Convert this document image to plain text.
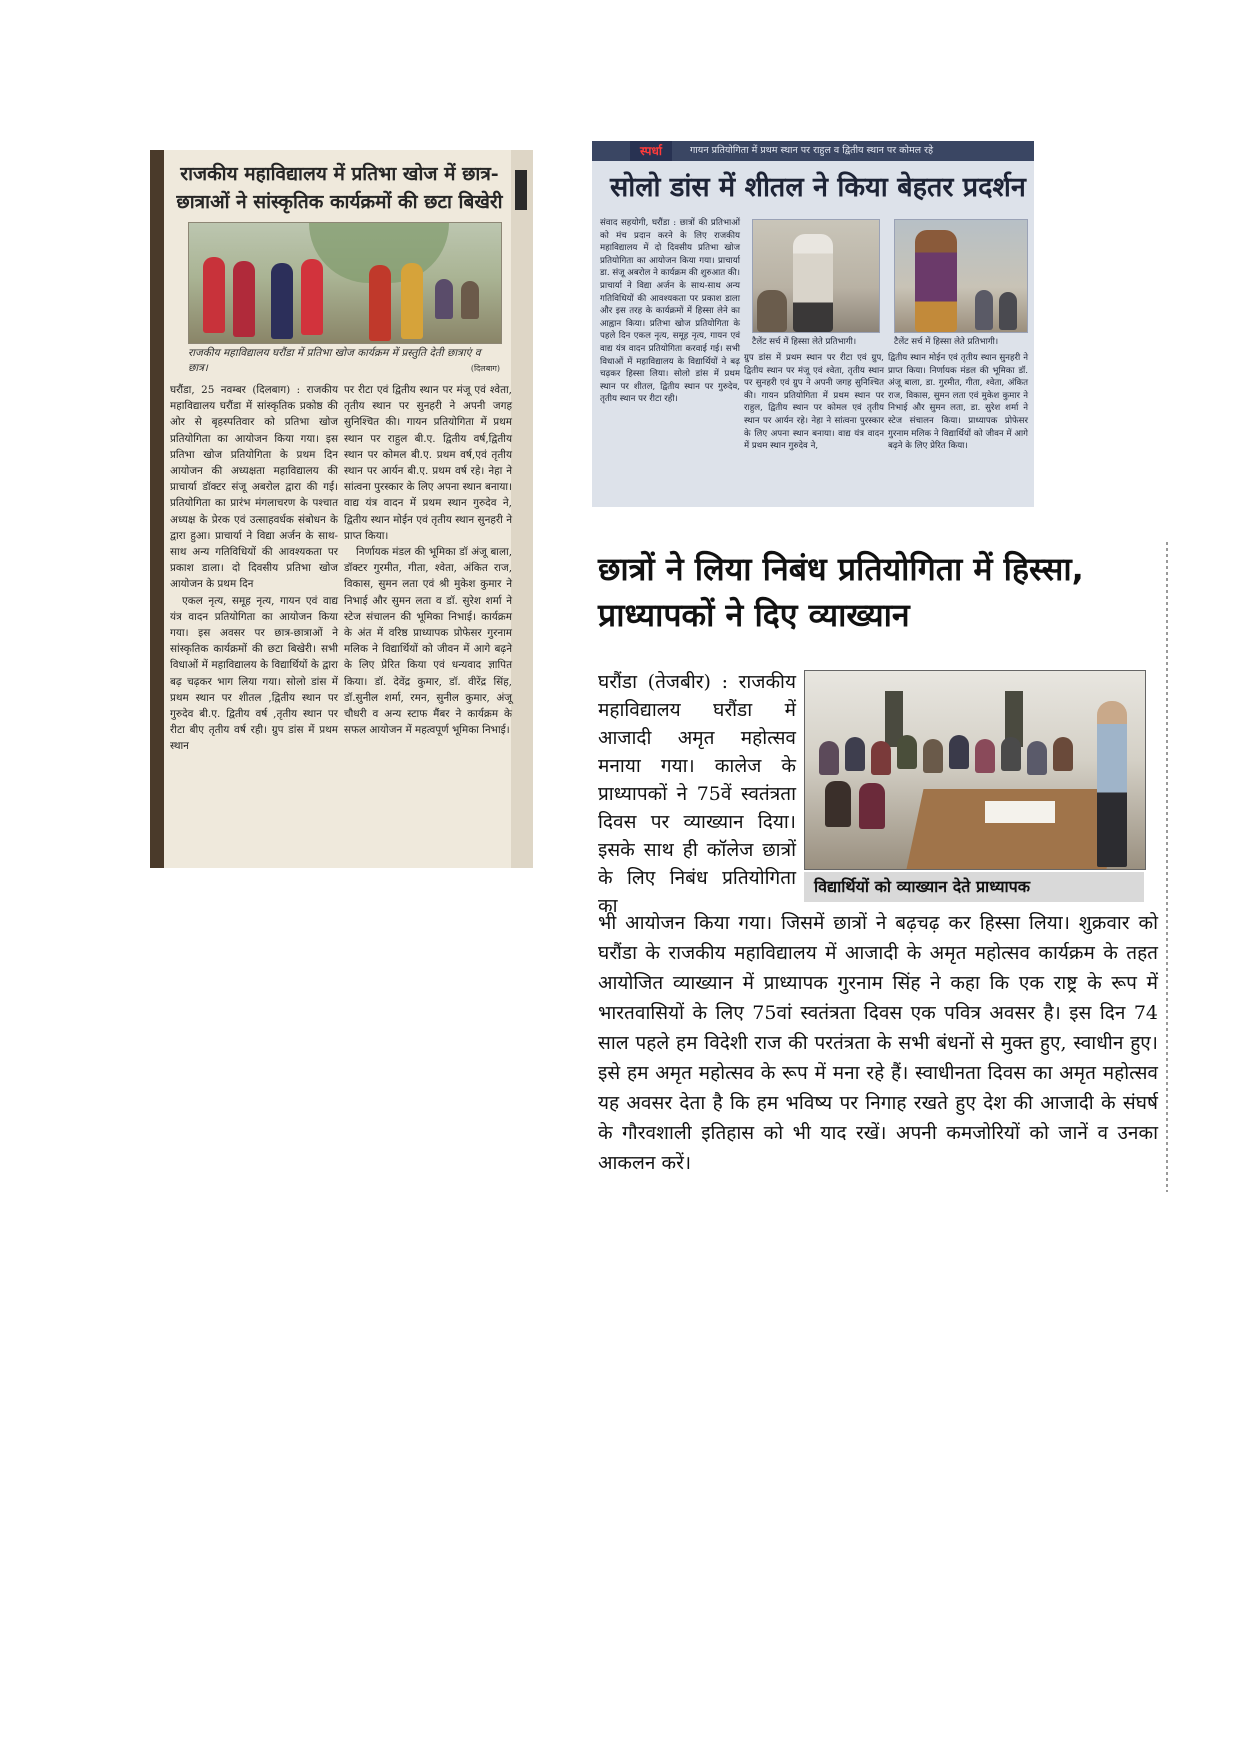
राजकीय महाविद्यालय में प्रतिभा खोज में छात्र-छात्राओं ने सांस्कृतिक कार्यक्रमों की छटा बिखेरी
राजकीय महाविद्यालय घरौंडा में प्रतिभा खोज कार्यक्रम में प्रस्तुति देती छात्राएं व छात्र।	(दिलबाग)

घरौंडा, 25 नवम्बर (दिलबाग) : राजकीय महाविद्यालय घरौंडा में सांस्कृतिक प्रकोष्ठ की ओर से बृहस्पतिवार को प्रतिभा खोज प्रतियोगिता का आयोजन किया गया। इस प्रतिभा खोज प्रतियोगिता के प्रथम दिन आयोजन की अध्यक्षता महाविद्यालय की प्राचार्या डॉक्टर संजू अबरोल द्वारा की गई। प्रतियोगिता का प्रारंभ मंगलाचरण के पश्चात अध्यक्ष के प्रेरक एवं उत्साहवर्धक संबोधन के द्वारा हुआ। प्राचार्या ने विद्या अर्जन के साथ-साथ अन्य गतिविधियों की आवश्यकता पर प्रकाश डाला। दो दिवसीय प्रतिभा खोज आयोजन के प्रथम दिन

एकल नृत्य, समूह नृत्य, गायन एवं वाद्य यंत्र वादन प्रतियोगिता का आयोजन किया गया। इस अवसर पर छात्र-छात्राओं ने सांस्कृतिक कार्यक्रमों की छटा बिखेरी। सभी विधाओं में महाविद्यालय के विद्यार्थियों के द्वारा बढ़ चढ़कर भाग लिया गया। सोलो डांस में प्रथम स्थान पर शीतल ,द्वितीय स्थान पर गुरुदेव बी.ए. द्वितीय वर्ष ,तृतीय स्थान पर रीटा बीए तृतीय वर्ष रही। ग्रुप डांस में प्रथम स्थान

पर रीटा एवं द्वितीय स्थान पर मंजू एवं श्वेता, तृतीय स्थान पर सुनहरी ने अपनी जगह सुनिश्चित की। गायन प्रतियोगिता में प्रथम स्थान पर राहुल बी.ए. द्वितीय वर्ष,द्वितीय स्थान पर कोमल बी.ए. प्रथम वर्ष,एवं तृतीय स्थान पर आर्यन बी.ए. प्रथम वर्ष रहे। नेहा ने सांत्वना पुरस्कार के लिए अपना स्थान बनाया। वाद्य यंत्र वादन में प्रथम स्थान गुरुदेव ने, द्वितीय स्थान मोईन एवं तृतीय स्थान सुनहरी ने प्राप्त किया।

निर्णायक मंडल की भूमिका डॉ अंजू बाला, डॉक्टर गुरमीत, गीता, श्वेता, अंकित राज, विकास, सुमन लता एवं श्री मुकेश कुमार ने निभाई और सुमन लता व डॉ. सुरेश शर्मा ने स्टेज संचालन की भूमिका निभाई। कार्यक्रम के अंत में वरिष्ठ प्राध्यापक प्रोफेसर गुरनाम मलिक ने विद्यार्थियों को जीवन में आगे बढ़ने के लिए प्रेरित किया एवं धन्यवाद ज्ञापित किया। डॉ. देवेंद्र कुमार, डॉ. वीरेंद्र सिंह, डॉ.सुनील शर्मा, रमन, सुनील कुमार, अंजू चौधरी व अन्य स्टाफ मैंबर ने कार्यक्रम के सफल आयोजन में महत्वपूर्ण भूमिका निभाई।

स्पर्धा	गायन प्रतियोगिता में प्रथम स्थान पर राहुल व द्वितीय स्थान पर कोमल रहे
सोलो डांस में शीतल ने किया बेहतर प्रदर्शन

संवाद सहयोगी, घरौंडा : छात्रों की प्रतिभाओं को मंच प्रदान करने के लिए राजकीय महाविद्यालय में दो दिवसीय प्रतिभा खोज प्रतियोगिता का आयोजन किया गया। प्राचार्या डा. संजू अबरोल ने कार्यक्रम की शुरुआत की। प्राचार्या ने विद्या अर्जन के साथ-साथ अन्य गतिविधियों की आवश्यकता पर प्रकाश डाला और इस तरह के कार्यक्रमों में हिस्सा लेने का आह्वान किया। प्रतिभा खोज प्रतियोगिता के पहले दिन एकल नृत्य, समूह नृत्य, गायन एवं वाद्य यंत्र वादन प्रतियोगिता करवाई गई। सभी विधाओं में महाविद्यालय के विद्यार्थियों ने बढ़ चढ़कर हिस्सा लिया। सोलो डांस में प्रथम स्थान पर शीतल, द्वितीय स्थान पर गुरुदेव, तृतीय स्थान पर रीटा रही।

टैलेंट सर्च में हिस्सा लेते प्रतिभागी।	टैलेंट सर्च में हिस्सा लेते प्रतिभागी।

ग्रुप डांस में प्रथम स्थान पर रीटा एवं ग्रुप, द्वितीय स्थान पर मंजू एवं श्वेता, तृतीय स्थान पर सुनहरी एवं ग्रुप ने अपनी जगह सुनिश्चित की। गायन प्रतियोगिता में प्रथम स्थान पर राहुल, द्वितीय स्थान पर कोमल एवं तृतीय स्थान पर आर्यन रहे। नेहा ने सांत्वना पुरस्कार के लिए अपना स्थान बनाया। वाद्य यंत्र वादन में प्रथम स्थान गुरुदेव ने,

द्वितीय स्थान मोईन एवं तृतीय स्थान सुनहरी ने प्राप्त किया। निर्णायक मंडल की भूमिका डॉ. अंजू बाला, डा. गुरमीत, गीता, श्वेता, अंकित राज, विकास, सुमन लता एवं मुकेश कुमार ने निभाई और सुमन लता, डा. सुरेश शर्मा ने स्टेज संचालन किया। प्राध्यापक प्रोफेसर गुरनाम मलिक ने विद्यार्थियों को जीवन में आगे बढ़ने के लिए प्रेरित किया।

छात्रों ने लिया निबंध प्रतियोगिता में हिस्सा, प्राध्यापकों ने दिए व्याख्यान
घरौंडा (तेजबीर) : राजकीय महाविद्यालय घरौंडा में आजादी अमृत महोत्सव मनाया गया। कालेज के प्राध्यापकों ने 75वें स्वतंत्रता दिवस पर व्याख्यान दिया। इसके साथ ही कॉलेज छात्रों के लिए निबंध प्रतियोगिता का
विद्यार्थियों को व्याख्यान देते प्राध्यापक
भी आयोजन किया गया। जिसमें छात्रों ने बढ़चढ़ कर हिस्सा लिया। शुक्रवार को घरौंडा के राजकीय महाविद्यालय में आजादी के अमृत महोत्सव कार्यक्रम के तहत आयोजित व्याख्यान में प्राध्यापक गुरनाम सिंह ने कहा कि एक राष्ट्र के रूप में भारतवासियों के लिए 75वां स्वतंत्रता दिवस एक पवित्र अवसर है। इस दिन 74 साल पहले हम विदेशी राज की परतंत्रता के सभी बंधनों से मुक्त हुए, स्वाधीन हुए। इसे हम अमृत महोत्सव के रूप में मना रहे हैं। स्वाधीनता दिवस का अमृत महोत्सव यह अवसर देता है कि हम भविष्य पर निगाह रखते हुए देश की आजादी के संघर्ष के गौरवशाली इतिहास को भी याद रखें। अपनी कमजोरियों को जानें व उनका आकलन करें।
